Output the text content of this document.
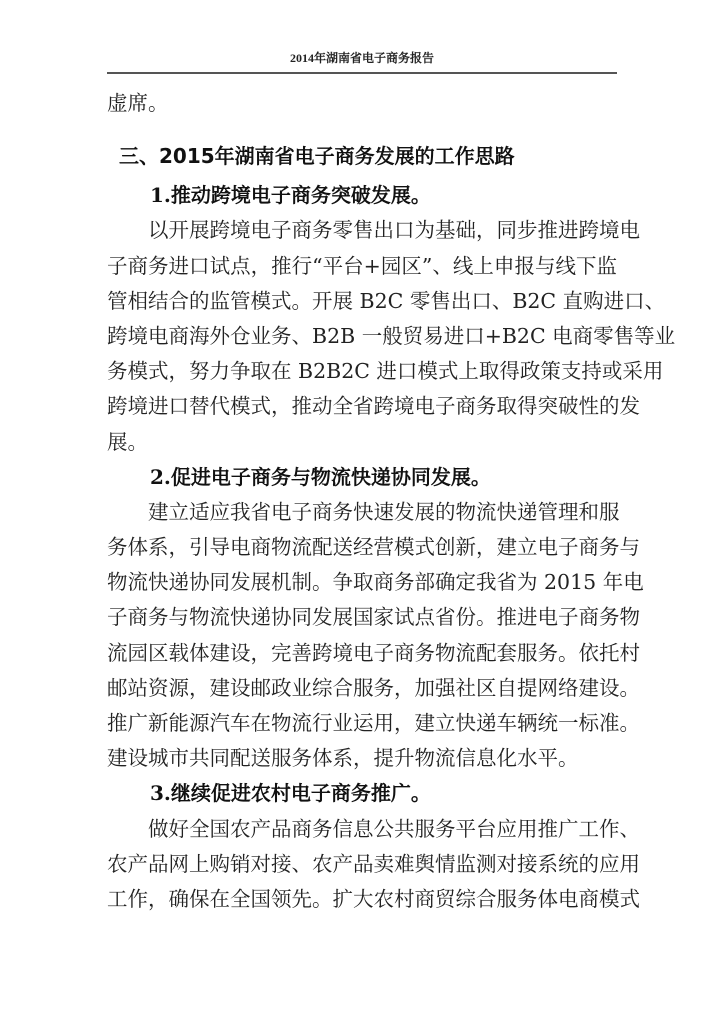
2014年湖南省电子商务报告
虚席。
三、2015年湖南省电子商务发展的工作思路
1.推动跨境电子商务突破发展。
以开展跨境电子商务零售出口为基础，同步推进跨境电
子商务进口试点，推行“平台+园区”、线上申报与线下监
管相结合的监管模式。开展 B2C 零售出口、B2C 直购进口、
跨境电商海外仓业务、B2B 一般贸易进口+B2C 电商零售等业
务模式，努力争取在 B2B2C 进口模式上取得政策支持或采用
跨境进口替代模式，推动全省跨境电子商务取得突破性的发
展。
2.促进电子商务与物流快递协同发展。
建立适应我省电子商务快速发展的物流快递管理和服
务体系，引导电商物流配送经营模式创新，建立电子商务与
物流快递协同发展机制。争取商务部确定我省为 2015 年电
子商务与物流快递协同发展国家试点省份。推进电子商务物
流园区载体建设，完善跨境电子商务物流配套服务。依托村
邮站资源，建设邮政业综合服务，加强社区自提网络建设。
推广新能源汽车在物流行业运用，建立快递车辆统一标准。
建设城市共同配送服务体系，提升物流信息化水平。
3.继续促进农村电子商务推广。
做好全国农产品商务信息公共服务平台应用推广工作、
农产品网上购销对接、农产品卖难舆情监测对接系统的应用
工作，确保在全国领先。扩大农村商贸综合服务体电商模式
